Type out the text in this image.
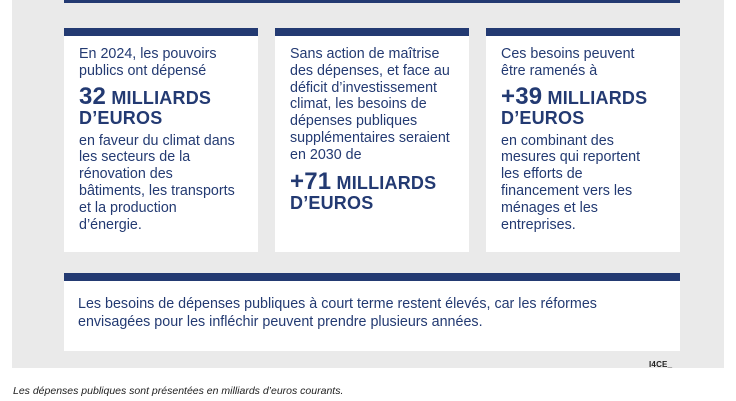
En 2024, les pouvoirs publics ont dépensé

32 MILLIARDS
D’EUROS

en faveur du climat dans les secteurs de la rénovation des bâtiments, les transports et la production d’énergie.

Sans action de maîtrise des dépenses, et face au déficit d’investissement climat, les besoins de dépenses publiques supplémentaires seraient en 2030 de

+71 MILLIARDS
D’EUROS

Ces besoins peuvent être ramenés à

+39 MILLIARDS
D’EUROS

en combinant des mesures qui reportent les efforts de financement vers les ménages et les entreprises.

Les besoins de dépenses publiques à court terme restent élevés, car les réformes envisagées pour les infléchir peuvent prendre plusieurs années.
I4CE_
Les dépenses publiques sont présentées en milliards d’euros courants.
